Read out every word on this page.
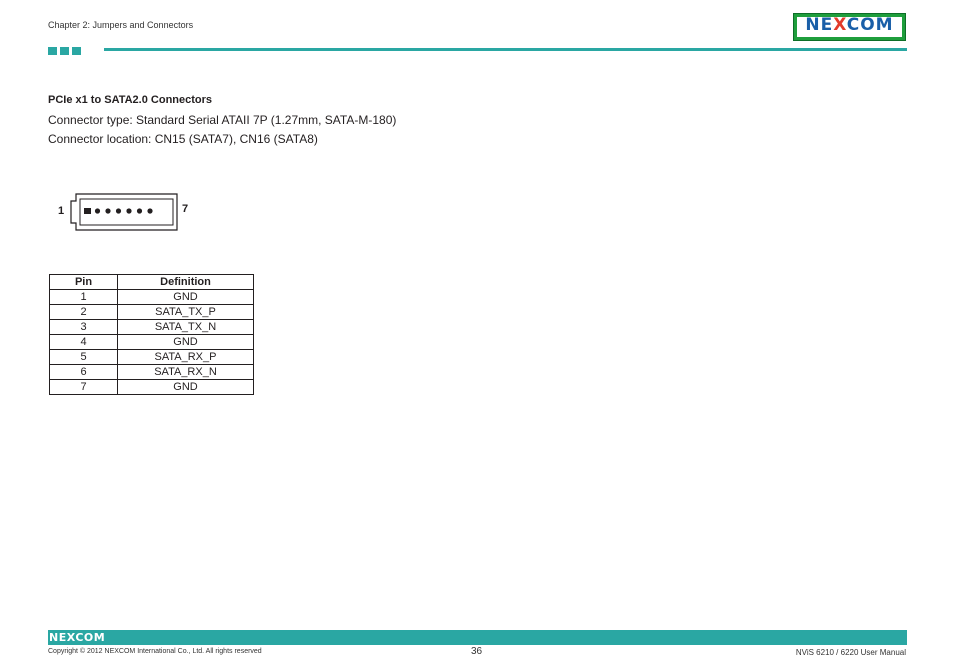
Chapter 2: Jumpers and Connectors	NEXCOM
PCIe x1 to SATA2.0 Connectors
Connector type: Standard Serial ATAII 7P (1.27mm, SATA-M-180)
Connector location: CN15 (SATA7), CN16 (SATA8)
1	7
Pin	Definition
1	GND
2	SATA_TX_P
3	SATA_TX_N
4	GND
5	SATA_RX_P
6	SATA_RX_N
7	GND
NEXCOM
Copyright © 2012 NEXCOM International Co., Ltd. All rights reserved	36	NViS 6210 / 6220 User Manual
